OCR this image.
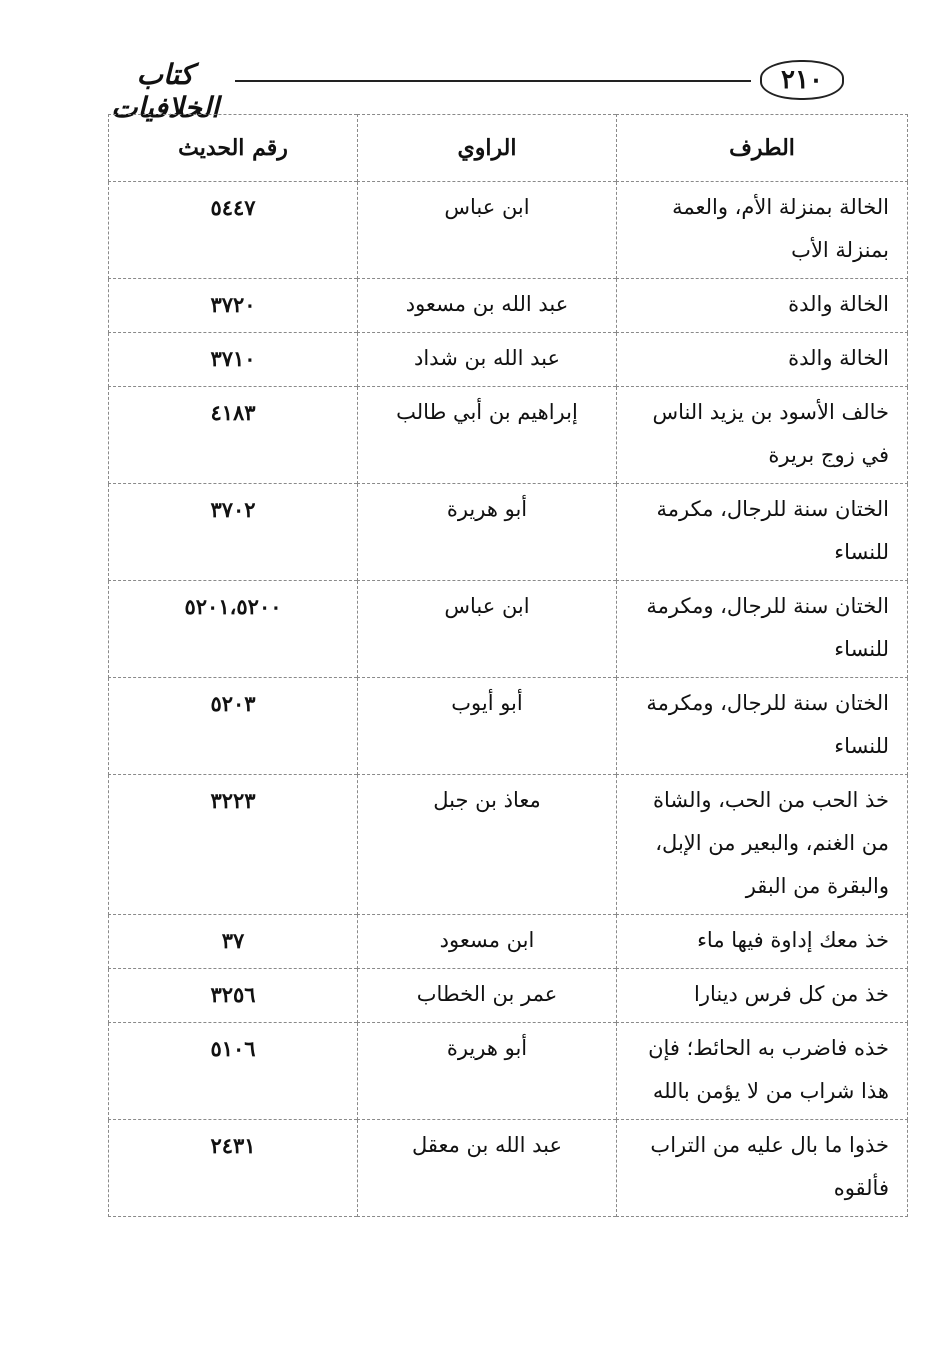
كتاب الخلافيات
٢١٠
الطرف	الراوي	رقم الحديث
الخالة بمنزلة الأم، والعمة بمنزلة الأب	ابن عباس	٥٤٤٧
الخالة والدة	عبد الله بن مسعود	٣٧٢٠
الخالة والدة	عبد الله بن شداد	٣٧١٠
خالف الأسود بن يزيد الناس في زوج بريرة	إبراهيم بن أبي طالب	٤١٨٣
الختان سنة للرجال، مكرمة للنساء	أبو هريرة	٣٧٠٢
الختان سنة للرجال، ومكرمة للنساء	ابن عباس	٥٢٠١،٥٢٠٠
الختان سنة للرجال، ومكرمة للنساء	أبو أيوب	٥٢٠٣
خذ الحب من الحب، والشاة من الغنم، والبعير من الإبل، والبقرة من البقر	معاذ بن جبل	٣٢٢٣
خذ معك إداوة فيها ماء	ابن مسعود	٣٧
خذ من كل فرس دينارا	عمر بن الخطاب	٣٢٥٦
خذه فاضرب به الحائط؛ فإن هذا شراب من لا يؤمن بالله	أبو هريرة	٥١٠٦
خذوا ما بال عليه من التراب فألقوه	عبد الله بن معقل	٢٤٣١
